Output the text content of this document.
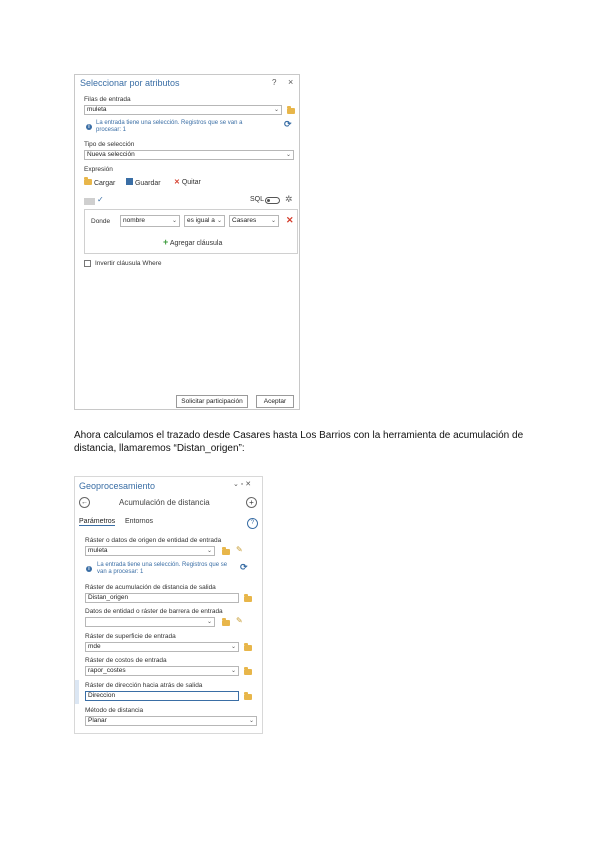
Seleccionar por atributos	? ×
Filas de entrada
muleta	⌄
i
La entrada tiene una selección. Registros que se van a procesar: 1
⟳
Tipo de selección
Nueva selección	⌄
Expresión
Cargar	Guardar ✕ Quitar
✓	SQL ✲
Donde	nombre	⌄	es igual a ⌄	Casares ⌄ ✕
+ Agregar cláusula
Invertir cláusula Where
Solicitar participación	Aceptar
Ahora calculamos el trazado desde Casares hasta Los Barrios con la herramienta de acumulación de distancia, llamaremos “Distan_origen”:
Geoprocesamiento	⌄ ▫ ✕
←	Acumulación de distancia	+
Parámetros Entornos	?
Ráster o datos de origen de entidad de entrada
muleta	⌄	✎
i
La entrada tiene una selección. Registros que se van a procesar: 1	⟳
Ráster de acumulación de distancia de salida
Distan_origen
Datos de entidad o ráster de barrera de entrada
⌄	✎
Ráster de superficie de entrada
mde	⌄
Ráster de costos de entrada
rapor_costes	⌄
Ráster de dirección hacia atrás de salida
Direccion
Método de distancia
Planar	⌄
